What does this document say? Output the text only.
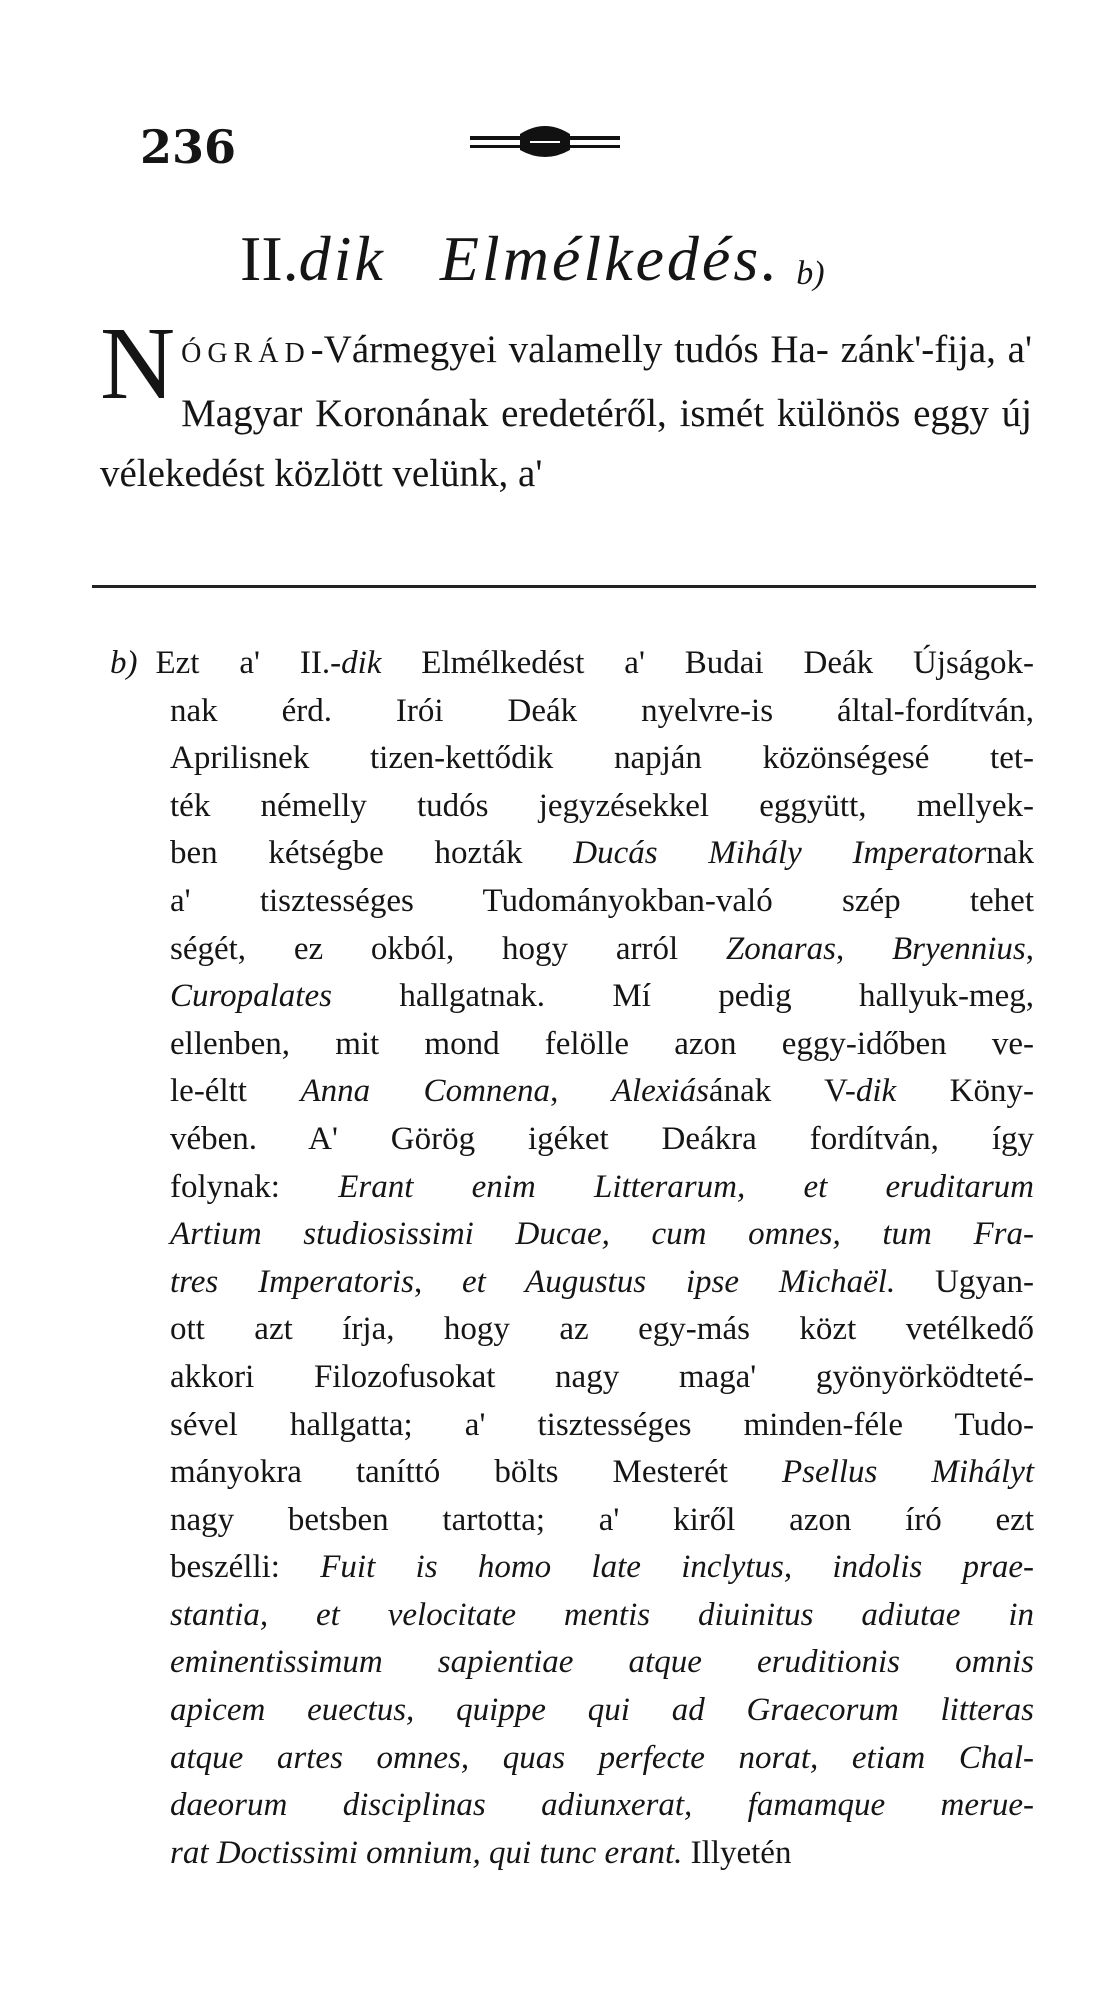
236
II.dik Elmélkedés. b)
NÓGRÁD-Vármegyei valamelly tudós Ha- zánk'-fija, a' Magyar Koronának eredetéről, ismét különös eggy új vélekedést közlött velünk, a'
b) Ezt a' II.-dik Elmélkedést a' Budai Deák Újságok-
nak érd. Irói Deák nyelvre-is által-fordítván,
Aprilisnek tizen-kettődik napján közönségesé tet-
ték némelly tudós jegyzésekkel eggyütt, mellyek-
ben kétségbe hozták Ducás Mihály Imperatornak
a' tisztességes Tudományokban-való szép tehet
ségét, ez okból, hogy arról Zonaras, Bryennius,
Curopalates hallgatnak. Mí pedig hallyuk-meg,
ellenben, mit mond felölle azon eggy-időben ve-
le-éltt Anna Comnena, Alexiásának V-dik Köny-
vében. A' Görög igéket Deákra fordítván, így
folynak: Erant enim Litterarum, et eruditarum
Artium studiosissimi Ducae, cum omnes, tum Fra-
tres Imperatoris, et Augustus ipse Michaël. Ugyan-
ott azt írja, hogy az egy-más közt vetélkedő
akkori Filozofusokat nagy maga' gyönyörködteté-
sével hallgatta; a' tisztességes minden-féle Tudo-
mányokra taníttó bölts Mesterét Psellus Mihályt
nagy betsben tartotta; a' kiről azon író ezt
beszélli: Fuit is homo late inclytus, indolis prae-
stantia, et velocitate mentis diuinitus adiutae in
eminentissimum sapientiae atque eruditionis omnis
apicem euectus, quippe qui ad Graecorum litteras
atque artes omnes, quas perfecte norat, etiam Chal-
daeorum disciplinas adiunxerat, famamque merue-
rat Doctissimi omnium, qui tunc erant. Illyetén
